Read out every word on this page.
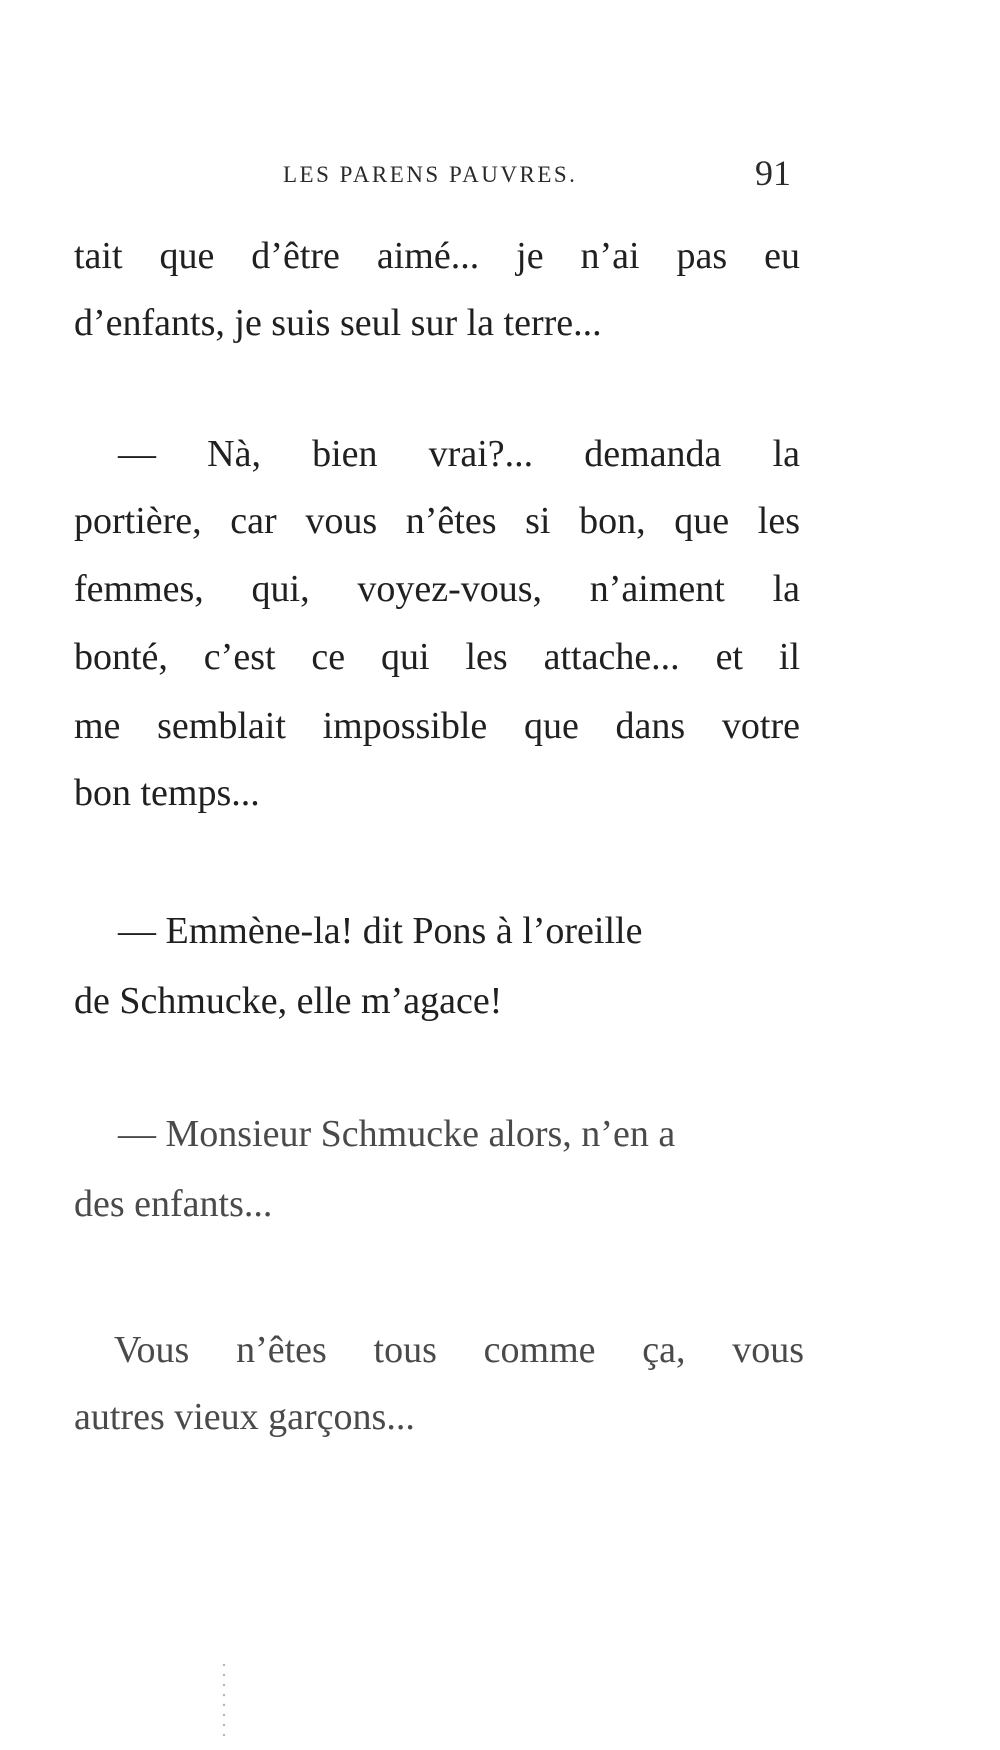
LES PARENS PAUVRES.	91
tait que d’être aimé... je n’ai pas eu
d’enfants, je suis seul sur la terre...
— Nà, bien vrai?... demanda la
portière, car vous n’êtes si bon, que les
femmes, qui, voyez-vous, n’aiment la
bonté, c’est ce qui les attache... et il
me semblait impossible que dans votre
bon temps...
— Emmène-la! dit Pons à l’oreille
de Schmucke, elle m’agace!
— Monsieur Schmucke alors, n’en a
des enfants...
Vous n’êtes tous comme ça, vous
autres vieux garçons...
